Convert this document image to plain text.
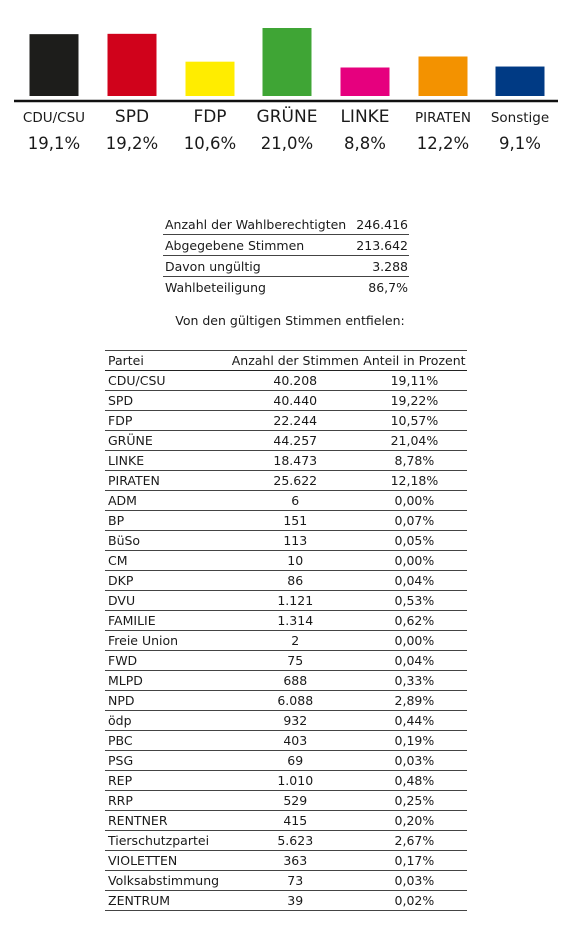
CDU/CSU SPD	FDP GRÜNE LINKE PIRATEN Sonstige
19,1% 19,2% 10,6% 21,0% 8,8% 12,2% 9,1%
Anzahl der Wahlberechtigten	246.416
Abgegebene Stimmen	213.642
Davon ungültig	3.288
Wahlbeteiligung	86,7%
Von den gültigen Stimmen entfielen:
Partei	Anzahl der Stimmen	Anteil in Prozent
CDU/CSU	40.208	19,11%
SPD	40.440	19,22%
FDP	22.244	10,57%
GRÜNE	44.257	21,04%
LINKE	18.473	8,78%
PIRATEN	25.622	12,18%
ADM	6	0,00%
BP	151	0,07%
BüSo	113	0,05%
CM	10	0,00%
DKP	86	0,04%
DVU	1.121	0,53%
FAMILIE	1.314	0,62%
Freie Union	2	0,00%
FWD	75	0,04%
MLPD	688	0,33%
NPD	6.088	2,89%
ödp	932	0,44%
PBC	403	0,19%
PSG	69	0,03%
REP	1.010	0,48%
RRP	529	0,25%
RENTNER	415	0,20%
Tierschutzpartei	5.623	2,67%
VIOLETTEN	363	0,17%
Volksabstimmung	73	0,03%
ZENTRUM	39	0,02%
